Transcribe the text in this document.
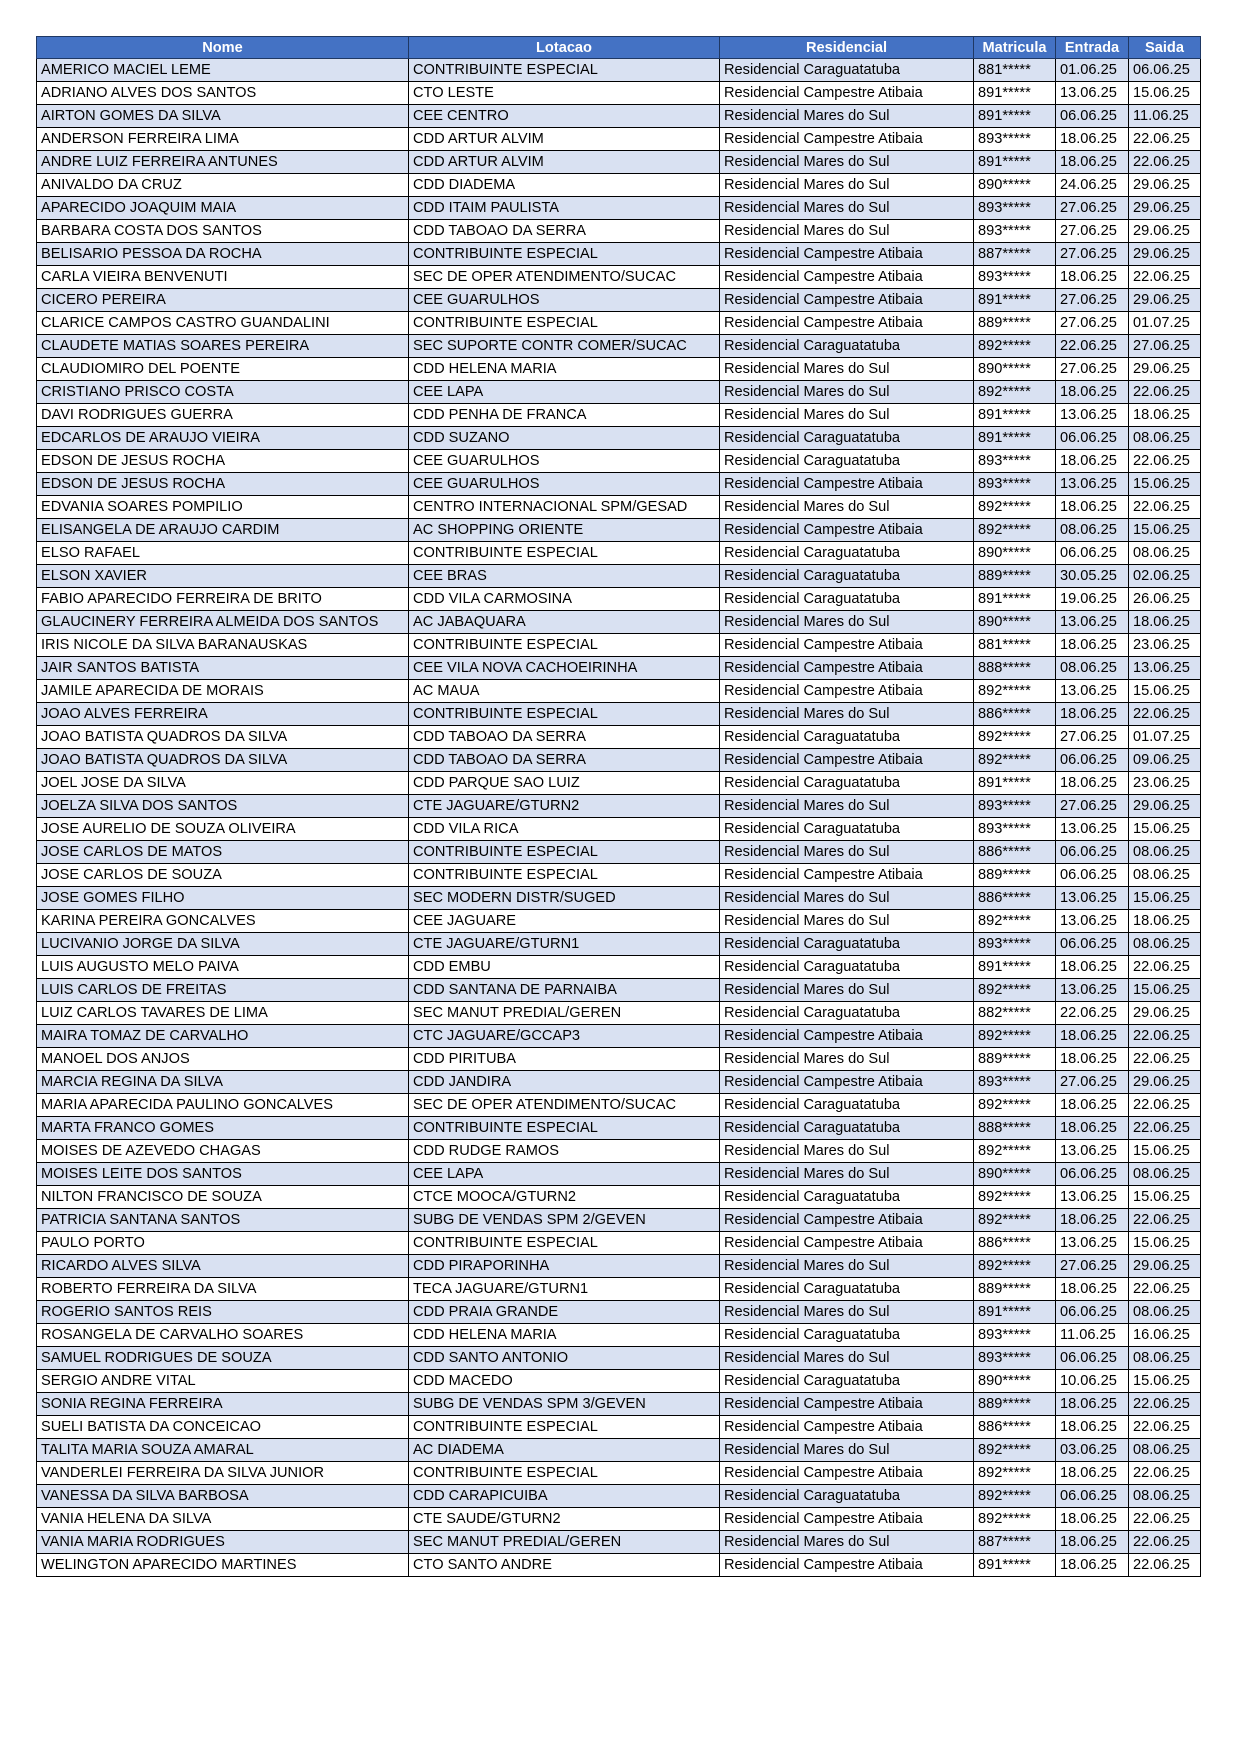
Nome	Lotacao	Residencial	Matricula	Entrada	Saida
AMERICO MACIEL LEME	CONTRIBUINTE ESPECIAL	Residencial Caraguatatuba	881*****	01.06.25	06.06.25
ADRIANO ALVES DOS SANTOS	CTO LESTE	Residencial Campestre Atibaia	891*****	13.06.25	15.06.25
AIRTON GOMES DA SILVA	CEE CENTRO	Residencial Mares do Sul	891*****	06.06.25	11.06.25
ANDERSON FERREIRA LIMA	CDD ARTUR ALVIM	Residencial Campestre Atibaia	893*****	18.06.25	22.06.25
ANDRE LUIZ FERREIRA ANTUNES	CDD ARTUR ALVIM	Residencial Mares do Sul	891*****	18.06.25	22.06.25
ANIVALDO DA CRUZ	CDD DIADEMA	Residencial Mares do Sul	890*****	24.06.25	29.06.25
APARECIDO JOAQUIM MAIA	CDD ITAIM PAULISTA	Residencial Mares do Sul	893*****	27.06.25	29.06.25
BARBARA COSTA DOS SANTOS	CDD TABOAO DA SERRA	Residencial Mares do Sul	893*****	27.06.25	29.06.25
BELISARIO PESSOA DA ROCHA	CONTRIBUINTE ESPECIAL	Residencial Campestre Atibaia	887*****	27.06.25	29.06.25
CARLA VIEIRA BENVENUTI	SEC DE OPER ATENDIMENTO/SUCAC	Residencial Campestre Atibaia	893*****	18.06.25	22.06.25
CICERO PEREIRA	CEE GUARULHOS	Residencial Campestre Atibaia	891*****	27.06.25	29.06.25
CLARICE CAMPOS CASTRO GUANDALINI	CONTRIBUINTE ESPECIAL	Residencial Campestre Atibaia	889*****	27.06.25	01.07.25
CLAUDETE MATIAS SOARES PEREIRA	SEC SUPORTE CONTR COMER/SUCAC	Residencial Caraguatatuba	892*****	22.06.25	27.06.25
CLAUDIOMIRO DEL POENTE	CDD HELENA MARIA	Residencial Mares do Sul	890*****	27.06.25	29.06.25
CRISTIANO PRISCO COSTA	CEE LAPA	Residencial Mares do Sul	892*****	18.06.25	22.06.25
DAVI RODRIGUES GUERRA	CDD PENHA DE FRANCA	Residencial Mares do Sul	891*****	13.06.25	18.06.25
EDCARLOS DE ARAUJO VIEIRA	CDD SUZANO	Residencial Caraguatatuba	891*****	06.06.25	08.06.25
EDSON DE JESUS ROCHA	CEE GUARULHOS	Residencial Caraguatatuba	893*****	18.06.25	22.06.25
EDSON DE JESUS ROCHA	CEE GUARULHOS	Residencial Campestre Atibaia	893*****	13.06.25	15.06.25
EDVANIA SOARES POMPILIO	CENTRO INTERNACIONAL SPM/GESAD	Residencial Mares do Sul	892*****	18.06.25	22.06.25
ELISANGELA DE ARAUJO CARDIM	AC SHOPPING ORIENTE	Residencial Campestre Atibaia	892*****	08.06.25	15.06.25
ELSO RAFAEL	CONTRIBUINTE ESPECIAL	Residencial Caraguatatuba	890*****	06.06.25	08.06.25
ELSON XAVIER	CEE BRAS	Residencial Caraguatatuba	889*****	30.05.25	02.06.25
FABIO APARECIDO FERREIRA DE BRITO	CDD VILA CARMOSINA	Residencial Caraguatatuba	891*****	19.06.25	26.06.25
GLAUCINERY FERREIRA ALMEIDA DOS SANTOS	AC JABAQUARA	Residencial Mares do Sul	890*****	13.06.25	18.06.25
IRIS NICOLE DA SILVA BARANAUSKAS	CONTRIBUINTE ESPECIAL	Residencial Campestre Atibaia	881*****	18.06.25	23.06.25
JAIR SANTOS BATISTA	CEE VILA NOVA CACHOEIRINHA	Residencial Campestre Atibaia	888*****	08.06.25	13.06.25
JAMILE APARECIDA DE MORAIS	AC MAUA	Residencial Campestre Atibaia	892*****	13.06.25	15.06.25
JOAO ALVES FERREIRA	CONTRIBUINTE ESPECIAL	Residencial Mares do Sul	886*****	18.06.25	22.06.25
JOAO BATISTA QUADROS DA SILVA	CDD TABOAO DA SERRA	Residencial Caraguatatuba	892*****	27.06.25	01.07.25
JOAO BATISTA QUADROS DA SILVA	CDD TABOAO DA SERRA	Residencial Campestre Atibaia	892*****	06.06.25	09.06.25
JOEL JOSE DA SILVA	CDD PARQUE SAO LUIZ	Residencial Caraguatatuba	891*****	18.06.25	23.06.25
JOELZA SILVA DOS SANTOS	CTE JAGUARE/GTURN2	Residencial Mares do Sul	893*****	27.06.25	29.06.25
JOSE AURELIO DE SOUZA OLIVEIRA	CDD VILA RICA	Residencial Caraguatatuba	893*****	13.06.25	15.06.25
JOSE CARLOS DE MATOS	CONTRIBUINTE ESPECIAL	Residencial Mares do Sul	886*****	06.06.25	08.06.25
JOSE CARLOS DE SOUZA	CONTRIBUINTE ESPECIAL	Residencial Campestre Atibaia	889*****	06.06.25	08.06.25
JOSE GOMES FILHO	SEC MODERN DISTR/SUGED	Residencial Mares do Sul	886*****	13.06.25	15.06.25
KARINA PEREIRA GONCALVES	CEE JAGUARE	Residencial Mares do Sul	892*****	13.06.25	18.06.25
LUCIVANIO JORGE DA SILVA	CTE JAGUARE/GTURN1	Residencial Caraguatatuba	893*****	06.06.25	08.06.25
LUIS AUGUSTO MELO PAIVA	CDD EMBU	Residencial Caraguatatuba	891*****	18.06.25	22.06.25
LUIS CARLOS DE FREITAS	CDD SANTANA DE PARNAIBA	Residencial Mares do Sul	892*****	13.06.25	15.06.25
LUIZ CARLOS TAVARES DE LIMA	SEC MANUT PREDIAL/GEREN	Residencial Caraguatatuba	882*****	22.06.25	29.06.25
MAIRA TOMAZ DE CARVALHO	CTC JAGUARE/GCCAP3	Residencial Campestre Atibaia	892*****	18.06.25	22.06.25
MANOEL DOS ANJOS	CDD PIRITUBA	Residencial Mares do Sul	889*****	18.06.25	22.06.25
MARCIA REGINA DA SILVA	CDD JANDIRA	Residencial Campestre Atibaia	893*****	27.06.25	29.06.25
MARIA APARECIDA PAULINO GONCALVES	SEC DE OPER ATENDIMENTO/SUCAC	Residencial Caraguatatuba	892*****	18.06.25	22.06.25
MARTA FRANCO GOMES	CONTRIBUINTE ESPECIAL	Residencial Caraguatatuba	888*****	18.06.25	22.06.25
MOISES DE AZEVEDO CHAGAS	CDD RUDGE RAMOS	Residencial Mares do Sul	892*****	13.06.25	15.06.25
MOISES LEITE DOS SANTOS	CEE LAPA	Residencial Mares do Sul	890*****	06.06.25	08.06.25
NILTON FRANCISCO DE SOUZA	CTCE MOOCA/GTURN2	Residencial Caraguatatuba	892*****	13.06.25	15.06.25
PATRICIA SANTANA SANTOS	SUBG DE VENDAS SPM 2/GEVEN	Residencial Campestre Atibaia	892*****	18.06.25	22.06.25
PAULO PORTO	CONTRIBUINTE ESPECIAL	Residencial Campestre Atibaia	886*****	13.06.25	15.06.25
RICARDO ALVES SILVA	CDD PIRAPORINHA	Residencial Mares do Sul	892*****	27.06.25	29.06.25
ROBERTO FERREIRA DA SILVA	TECA JAGUARE/GTURN1	Residencial Caraguatatuba	889*****	18.06.25	22.06.25
ROGERIO SANTOS REIS	CDD PRAIA GRANDE	Residencial Mares do Sul	891*****	06.06.25	08.06.25
ROSANGELA DE CARVALHO SOARES	CDD HELENA MARIA	Residencial Caraguatatuba	893*****	11.06.25	16.06.25
SAMUEL RODRIGUES DE SOUZA	CDD SANTO ANTONIO	Residencial Mares do Sul	893*****	06.06.25	08.06.25
SERGIO ANDRE VITAL	CDD MACEDO	Residencial Caraguatatuba	890*****	10.06.25	15.06.25
SONIA REGINA FERREIRA	SUBG DE VENDAS SPM 3/GEVEN	Residencial Campestre Atibaia	889*****	18.06.25	22.06.25
SUELI BATISTA DA CONCEICAO	CONTRIBUINTE ESPECIAL	Residencial Campestre Atibaia	886*****	18.06.25	22.06.25
TALITA MARIA SOUZA AMARAL	AC DIADEMA	Residencial Mares do Sul	892*****	03.06.25	08.06.25
VANDERLEI FERREIRA DA SILVA JUNIOR	CONTRIBUINTE ESPECIAL	Residencial Campestre Atibaia	892*****	18.06.25	22.06.25
VANESSA DA SILVA BARBOSA	CDD CARAPICUIBA	Residencial Caraguatatuba	892*****	06.06.25	08.06.25
VANIA HELENA DA SILVA	CTE SAUDE/GTURN2	Residencial Campestre Atibaia	892*****	18.06.25	22.06.25
VANIA MARIA RODRIGUES	SEC MANUT PREDIAL/GEREN	Residencial Mares do Sul	887*****	18.06.25	22.06.25
WELINGTON APARECIDO MARTINES	CTO SANTO ANDRE	Residencial Campestre Atibaia	891*****	18.06.25	22.06.25
